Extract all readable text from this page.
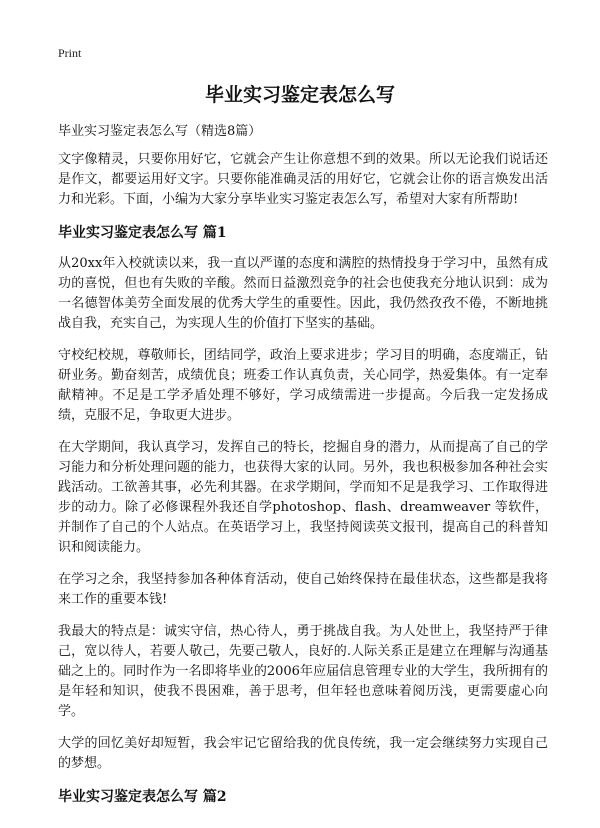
Print
毕业实习鉴定表怎么写

毕业实习鉴定表怎么写（精选8篇）

文字像精灵，只要你用好它，它就会产生让你意想不到的效果。所以无论我们说话还是作文，都要运用好文字。只要你能准确灵活的用好它，它就会让你的语言焕发出活力和光彩。下面，小编为大家分享毕业实习鉴定表怎么写，希望对大家有所帮助!

毕业实习鉴定表怎么写 篇1

从20xx年入校就读以来，我一直以严谨的态度和满腔的热情投身于学习中，虽然有成功的喜悦，但也有失败的辛酸。然而日益激烈竞争的社会也使我充分地认识到：成为一名德智体美劳全面发展的优秀大学生的重要性。因此，我仍然孜孜不倦，不断地挑战自我，充实自己，为实现人生的价值打下坚实的基础。

守校纪校规，尊敬师长，团结同学，政治上要求进步；学习目的明确，态度端正，钻研业务。勤奋刻苦，成绩优良；班委工作认真负责，关心同学，热爱集体。有一定奉献精神。不足是工学矛盾处理不够好，学习成绩需进一步提高。今后我一定发扬成绩，克服不足，争取更大进步。

在大学期间，我认真学习，发挥自己的特长，挖掘自身的潜力，从而提高了自己的学习能力和分析处理问题的能力，也获得大家的认同。另外，我也积极参加各种社会实践活动。工欲善其事，必先利其器。在求学期间，学而知不足是我学习、工作取得进步的动力。除了必修课程外我还自学photoshop、flash、dreamweaver 等软件，并制作了自己的个人站点。在英语学习上，我坚持阅读英文报刊，提高自己的科普知识和阅读能力。

在学习之余，我坚持参加各种体育活动，使自己始终保持在最佳状态，这些都是我将来工作的重要本钱!

我最大的特点是：诚实守信，热心待人，勇于挑战自我。为人处世上，我坚持严于律己，宽以待人，若要人敬己，先要己敬人，良好的.人际关系正是建立在理解与沟通基础之上的。同时作为一名即将毕业的2006年应届信息管理专业的大学生，我所拥有的是年轻和知识，使我不畏困难，善于思考，但年轻也意味着阅历浅，更需要虚心向学。

大学的回忆美好却短暂，我会牢记它留给我的优良传统，我一定会继续努力实现自己的梦想。

毕业实习鉴定表怎么写 篇2
